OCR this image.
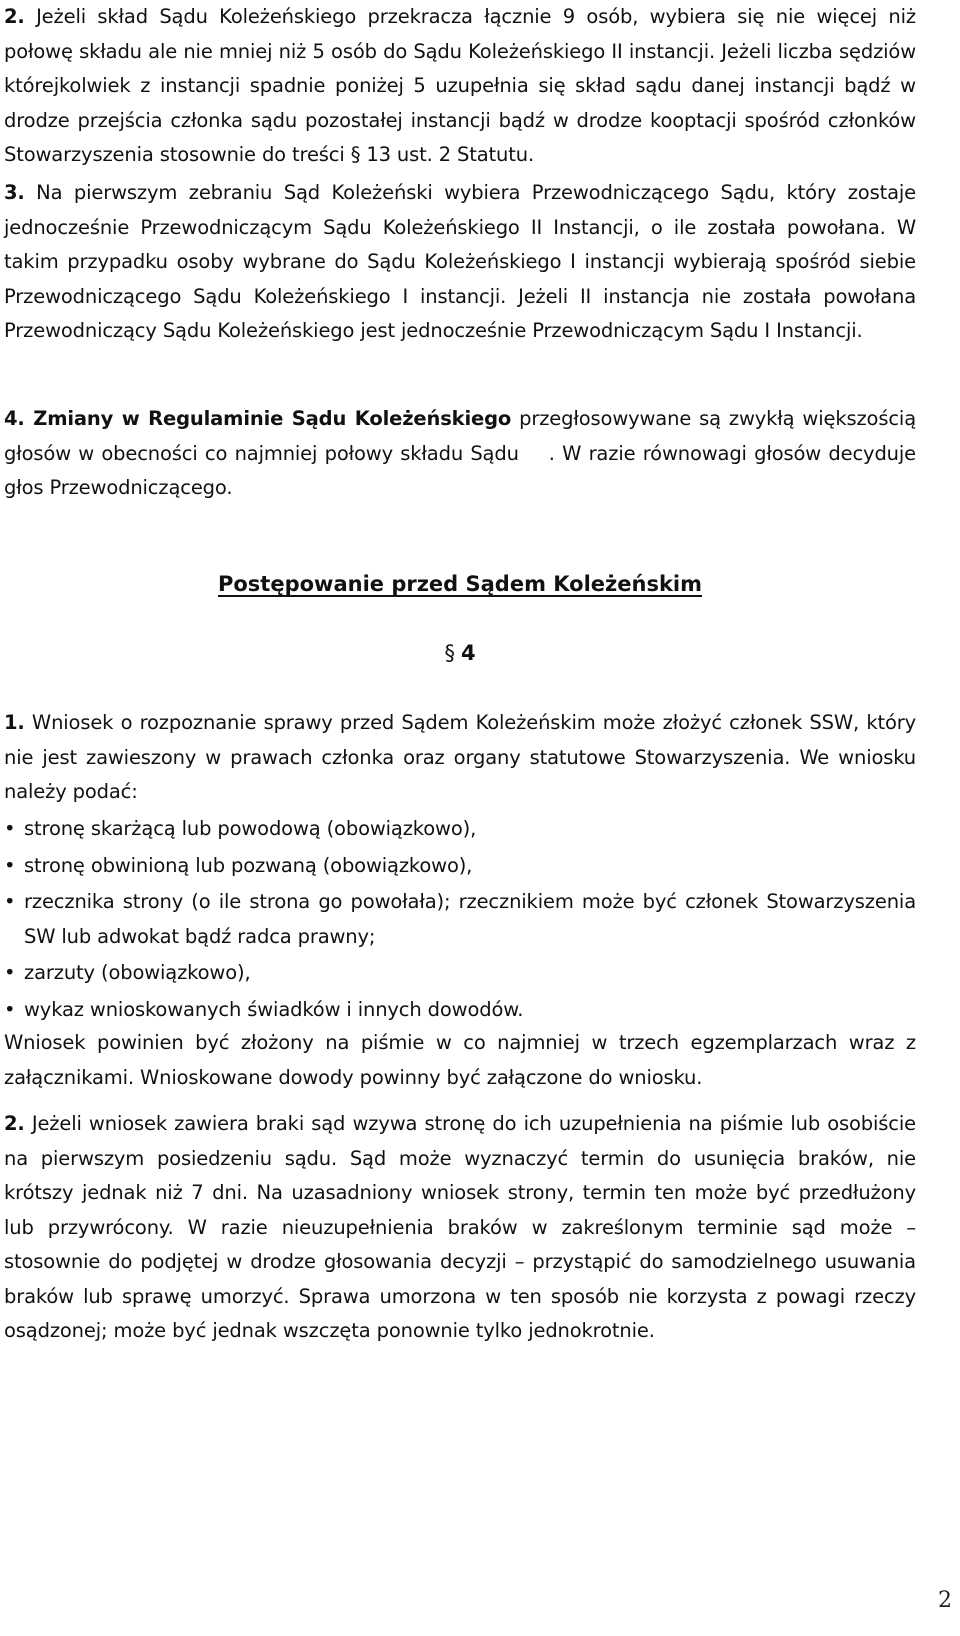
2. Jeżeli skład Sądu Koleżeńskiego przekracza łącznie 9 osób, wybiera się nie więcej niż połowę składu ale nie mniej niż 5 osób do Sądu Koleżeńskiego II instancji. Jeżeli liczba sędziów którejkolwiek z instancji spadnie poniżej 5 uzupełnia się skład sądu danej instancji bądź w drodze przejścia członka sądu pozostałej instancji bądź w drodze kooptacji spośród członków Stowarzyszenia stosownie do treści § 13 ust. 2 Statutu.

3. Na pierwszym zebraniu Sąd Koleżeński wybiera Przewodniczącego Sądu, który zostaje jednocześnie Przewodniczącym Sądu Koleżeńskiego II Instancji, o ile została powołana. W takim przypadku osoby wybrane do Sądu Koleżeńskiego I instancji wybierają spośród siebie Przewodniczącego Sądu Koleżeńskiego I instancji. Jeżeli II instancja nie została powołana Przewodniczący Sądu Koleżeńskiego jest jednocześnie Przewodniczącym Sądu I Instancji.

4. Zmiany w Regulaminie Sądu Koleżeńskiego przegłosowywane są zwykłą większością głosów w obecności co najmniej połowy składu Sądu . W razie równowagi głosów decyduje głos Przewodniczącego.

Postępowanie przed Sądem Koleżeńskim
§ 4

1. Wniosek o rozpoznanie sprawy przed Sądem Koleżeńskim może złożyć członek SSW, który nie jest zawieszony w prawach członka oraz organy statutowe Stowarzyszenia. We wniosku należy podać:

• stronę skarżącą lub powodową (obowiązkowo),
• stronę obwinioną lub pozwaną (obowiązkowo),
• rzecznika strony (o ile strona go powołała); rzecznikiem może być członek Stowarzyszenia SW lub adwokat bądź radca prawny;
• zarzuty (obowiązkowo),
• wykaz wnioskowanych świadków i innych dowodów.

Wniosek powinien być złożony na piśmie w co najmniej w trzech egzemplarzach wraz z załącznikami. Wnioskowane dowody powinny być załączone do wniosku.

2. Jeżeli wniosek zawiera braki sąd wzywa stronę do ich uzupełnienia na piśmie lub osobiście na pierwszym posiedzeniu sądu. Sąd może wyznaczyć termin do usunięcia braków, nie krótszy jednak niż 7 dni. Na uzasadniony wniosek strony, termin ten może być przedłużony lub przywrócony. W razie nieuzupełnienia braków w zakreślonym terminie sąd może – stosownie do podjętej w drodze głosowania decyzji – przystąpić do samodzielnego usuwania braków lub sprawę umorzyć. Sprawa umorzona w ten sposób nie korzysta z powagi rzeczy osądzonej; może być jednak wszczęta ponownie tylko jednokrotnie.

2
